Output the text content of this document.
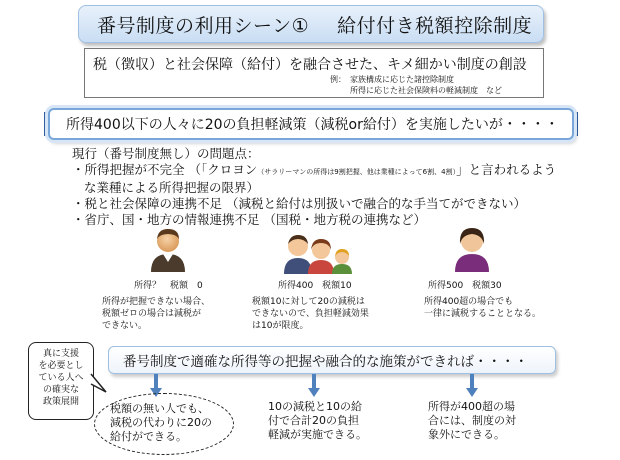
番号制度の利用シーン① 給付付き税額控除制度
税（徴収）と社会保障（給付）を融合させた、キメ細かい制度の創設
例：　家族構成に応じた諸控除制度
所得に応じた社会保険料の軽減制度　など
所得400以下の人々に20の負担軽減策（減税or給付）を実施したいが・・・・
現行（番号制度無し）の問題点：
・所得把握が不完全 （「クロヨン（サラリーマンの所得は9割把握、他は業種によって6割、4割）」と言われるよう
な業種による所得把握の限界）
・税と社会保障の連携不足 （減税と給付は別扱いで融合的な手当てができない）
・省庁、国・地方の情報連携不足 （国税・地方税の連携など）
所得？　税額　0
所得が把握できない場合、
税額ゼロの場合は減税が
できない。
所得400　税額10
税額10に対して20の減税は
できないので、負担軽減効果
は10が限度。
所得500　税額30
所得400超の場合でも
一律に減税することとなる。
番号制度で適確な所得等の把握や融合的な施策ができれば・・・・
真に支援
を必要とし
ている人へ
の確実な
政策展開	税額の無い人でも、
減税の代わりに20の
給付ができる。
10の減税と10の給
付で合計20の負担
軽減が実施できる。
所得が400超の場
合には、制度の対
象外にできる。
